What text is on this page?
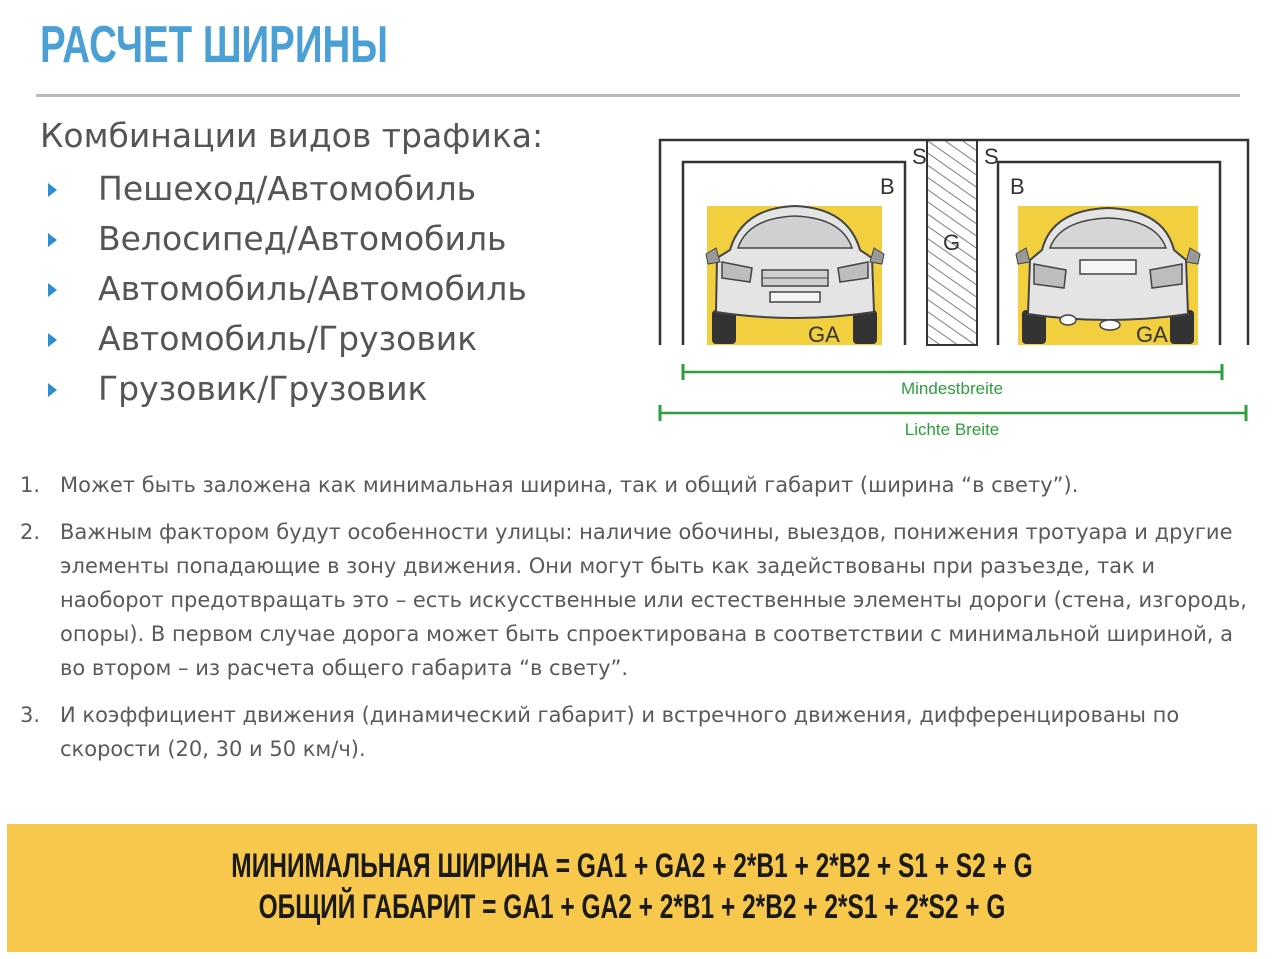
РАСЧЕТ ШИРИНЫ
Комбинации видов трафика:
Пешеход/Автомобиль
Велосипед/Автомобиль
Автомобиль/Автомобиль
Автомобиль/Грузовик
Грузовик/Грузовик
S	S
B	B
G
GA	GA
Mindestbreite
Lichte Breite
1. Может быть заложена как минимальная ширина, так и общий габарит (ширина “в свету”).
2. Важным фактором будут особенности улицы: наличие обочины, выездов, понижения тротуара и другие элементы попадающие в зону движения. Они могут быть как задействованы при разъезде, так и наоборот предотвращать это – есть искусственные или естественные элементы дороги (стена, изгородь, опоры). В первом случае дорога может быть спроектирована в соответствии с минимальной шириной, а во втором – из расчета общего габарита “в свету”.
3. И коэффициент движения (динамический габарит) и встречного движения, дифференцированы по скорости (20, 30 и 50 км/ч).
МИНИМАЛЬНАЯ ШИРИНА = GA1 + GA2 + 2*B1 + 2*B2 + S1 + S2 + G
ОБЩИЙ ГАБАРИТ = GA1 + GA2 + 2*B1 + 2*B2 + 2*S1 + 2*S2 + G
